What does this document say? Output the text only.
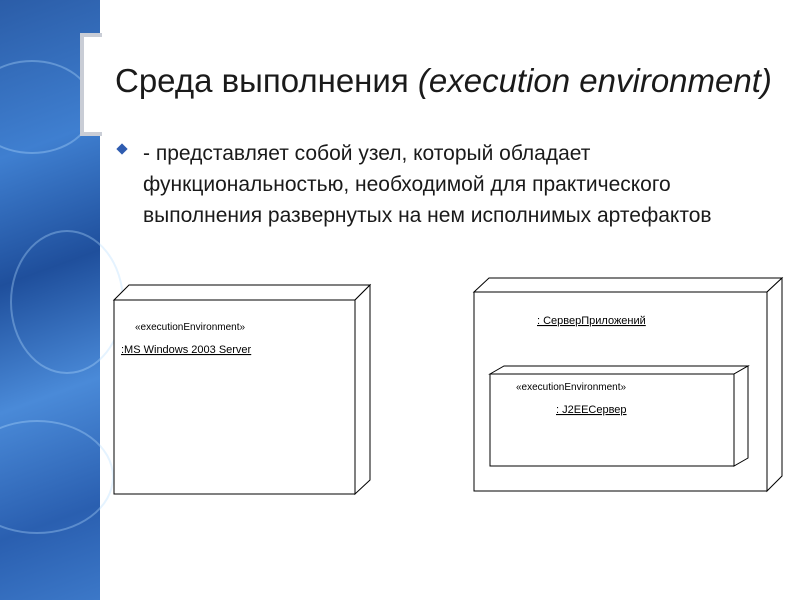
Среда выполнения (execution environment)
- представляет собой узел, который обладает функциональностью, необходимой для практического выполнения развернутых на нем исполнимых артефактов
«executionEnvironment»
:MS Windows 2003 Server
: СерверПриложений
«executionEnvironment»
: J2EEСервер
